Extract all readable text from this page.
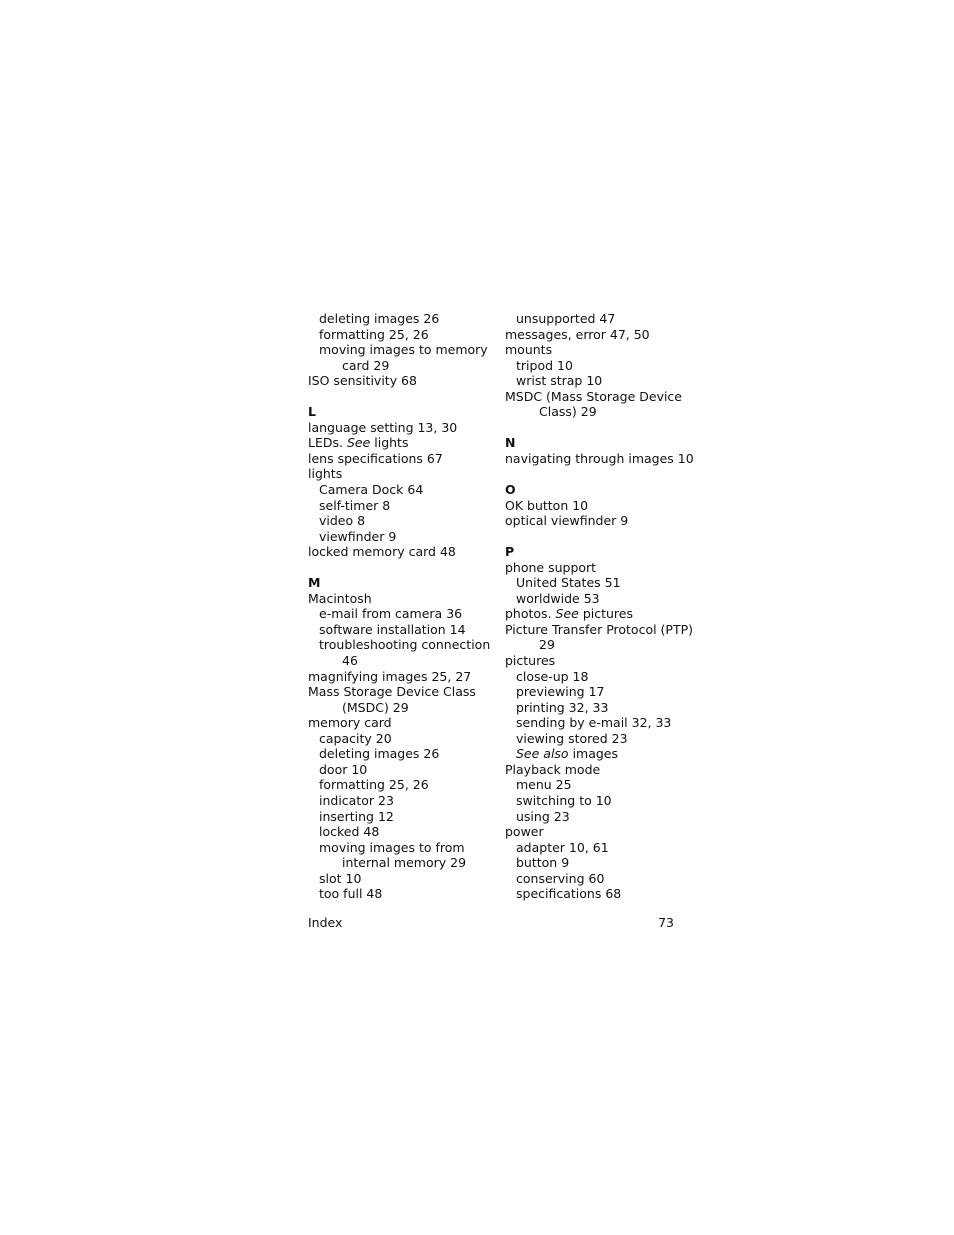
deleting images 26
formatting 25, 26
moving images to memory
card 29
ISO sensitivity 68
L
language setting 13, 30
LEDs. See lights
lens specifications 67
lights
Camera Dock 64
self-timer 8
video 8
viewfinder 9
locked memory card 48
M
Macintosh
e-mail from camera 36
software installation 14
troubleshooting connection
46
magnifying images 25, 27
Mass Storage Device Class
(MSDC) 29
memory card
capacity 20
deleting images 26
door 10
formatting 25, 26
indicator 23
inserting 12
locked 48
moving images to from
internal memory 29
slot 10
too full 48
unsupported 47
messages, error 47, 50
mounts
tripod 10
wrist strap 10
MSDC (Mass Storage Device
Class) 29
N
navigating through images 10
O
OK button 10
optical viewfinder 9
P
phone support
United States 51
worldwide 53
photos. See pictures
Picture Transfer Protocol (PTP)
29
pictures
close-up 18
previewing 17
printing 32, 33
sending by e-mail 32, 33
viewing stored 23
See also images
Playback mode
menu 25
switching to 10
using 23
power
adapter 10, 61
button 9
conserving 60
specifications 68
Index	73
